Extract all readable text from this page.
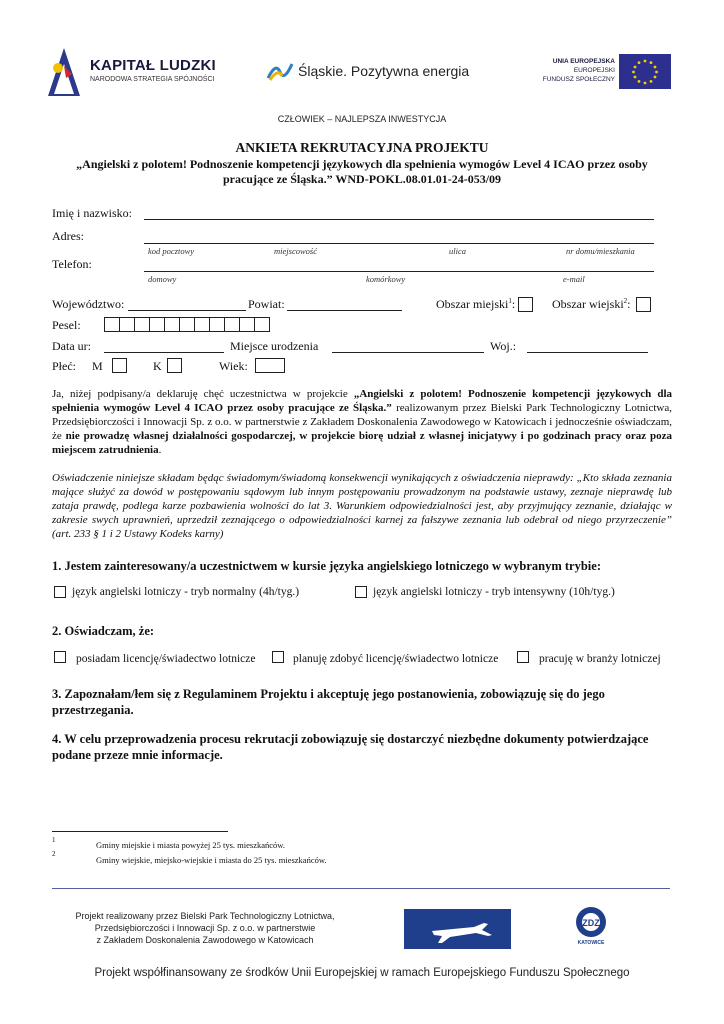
KAPITAŁ LUDZKI
NARODOWA STRATEGIA SPÓJNOŚCI
Śląskie. Pozytywna energia
UNIA EUROPEJSKA
EUROPEJSKI
FUNDUSZ SPOŁECZNY
CZŁOWIEK – NAJLEPSZA INWESTYCJA
ANKIETA REKRUTACYJNA PROJEKTU
„Angielski z polotem! Podnoszenie kompetencji językowych dla spełnienia wymogów Level 4 ICAO przez osoby
pracujące ze Śląska.” WND-POKL.08.01.01-24-053/09
Imię i nazwisko:
Adres:
kod pocztowy	miejscowość	ulica	nr domu/mieszkania
Telefon:
domowy	komórkowy	e-mail
Województwo:	Powiat:	Obszar miejski$^1$:	Obszar wiejski$^2$:
Pesel:
Data ur:	Miejsce urodzenia	Woj.:
Płeć: M	K	Wiek:
Ja, niżej podpisany/a deklaruję chęć uczestnictwa w projekcie „Angielski z polotem! Podnoszenie kompetencji językowych dla spełnienia wymogów Level 4 ICAO przez osoby pracujące ze Śląska.” realizowanym przez Bielski Park Technologiczny Lotnictwa, Przedsiębiorczości i Innowacji Sp. z o.o. w partnerstwie z Zakładem Doskonalenia Zawodowego w Katowicach i jednocześnie oświadczam, że nie prowadzę własnej działalności gospodarczej, w projekcie biorę udział z własnej inicjatywy i po godzinach pracy oraz poza miejscem zatrudnienia.
Oświadczenie niniejsze składam będąc świadomym/świadomą konsekwencji wynikających z oświadczenia nieprawdy: „Kto składa zeznania mające służyć za dowód w postępowaniu sądowym lub innym postępowaniu prowadzonym na podstawie ustawy, zeznaje nieprawdę lub zataja prawdę, podlega karze pozbawienia wolności do lat 3. Warunkiem odpowiedzialności jest, aby przyjmujący zeznanie, działając w zakresie swych uprawnień, uprzedził zeznającego o odpowiedzialności karnej za fałszywe zeznania lub odebrał od niego przyrzeczenie” (art. 233 § 1 i 2 Ustawy Kodeks karny)
1. Jestem zainteresowany/a uczestnictwem w kursie języka angielskiego lotniczego w wybranym trybie:
język angielski lotniczy - tryb normalny (4h/tyg.)	język angielski lotniczy - tryb intensywny (10h/tyg.)
2. Oświadczam, że:
posiadam licencję/świadectwo lotnicze	planuję zdobyć licencję/świadectwo lotnicze	pracuję w branży lotniczej
3. Zapoznałam/łem się z Regulaminem Projektu i akceptuję jego postanowienia, zobowiązuję się do jego przestrzegania.
4. W celu przeprowadzenia procesu rekrutacji zobowiązuję się dostarczyć niezbędne dokumenty potwierdzające podane przeze mnie informacje.
1	Gminy miejskie i miasta powyżej 25 tys. mieszkańców.
2
Gminy wiejskie, miejsko-wiejskie i miasta do 25 tys. mieszkańców.
Projekt realizowany przez Bielski Park Technologiczny Lotnictwa,
Przedsiębiorczości i Innowacji Sp. z o.o. w partnerstwie
z Zakładem Doskonalenia Zawodowego w Katowicach
ZDZ
KATOWICE
Projekt współfinansowany ze środków Unii Europejskiej w ramach Europejskiego Funduszu Społecznego
